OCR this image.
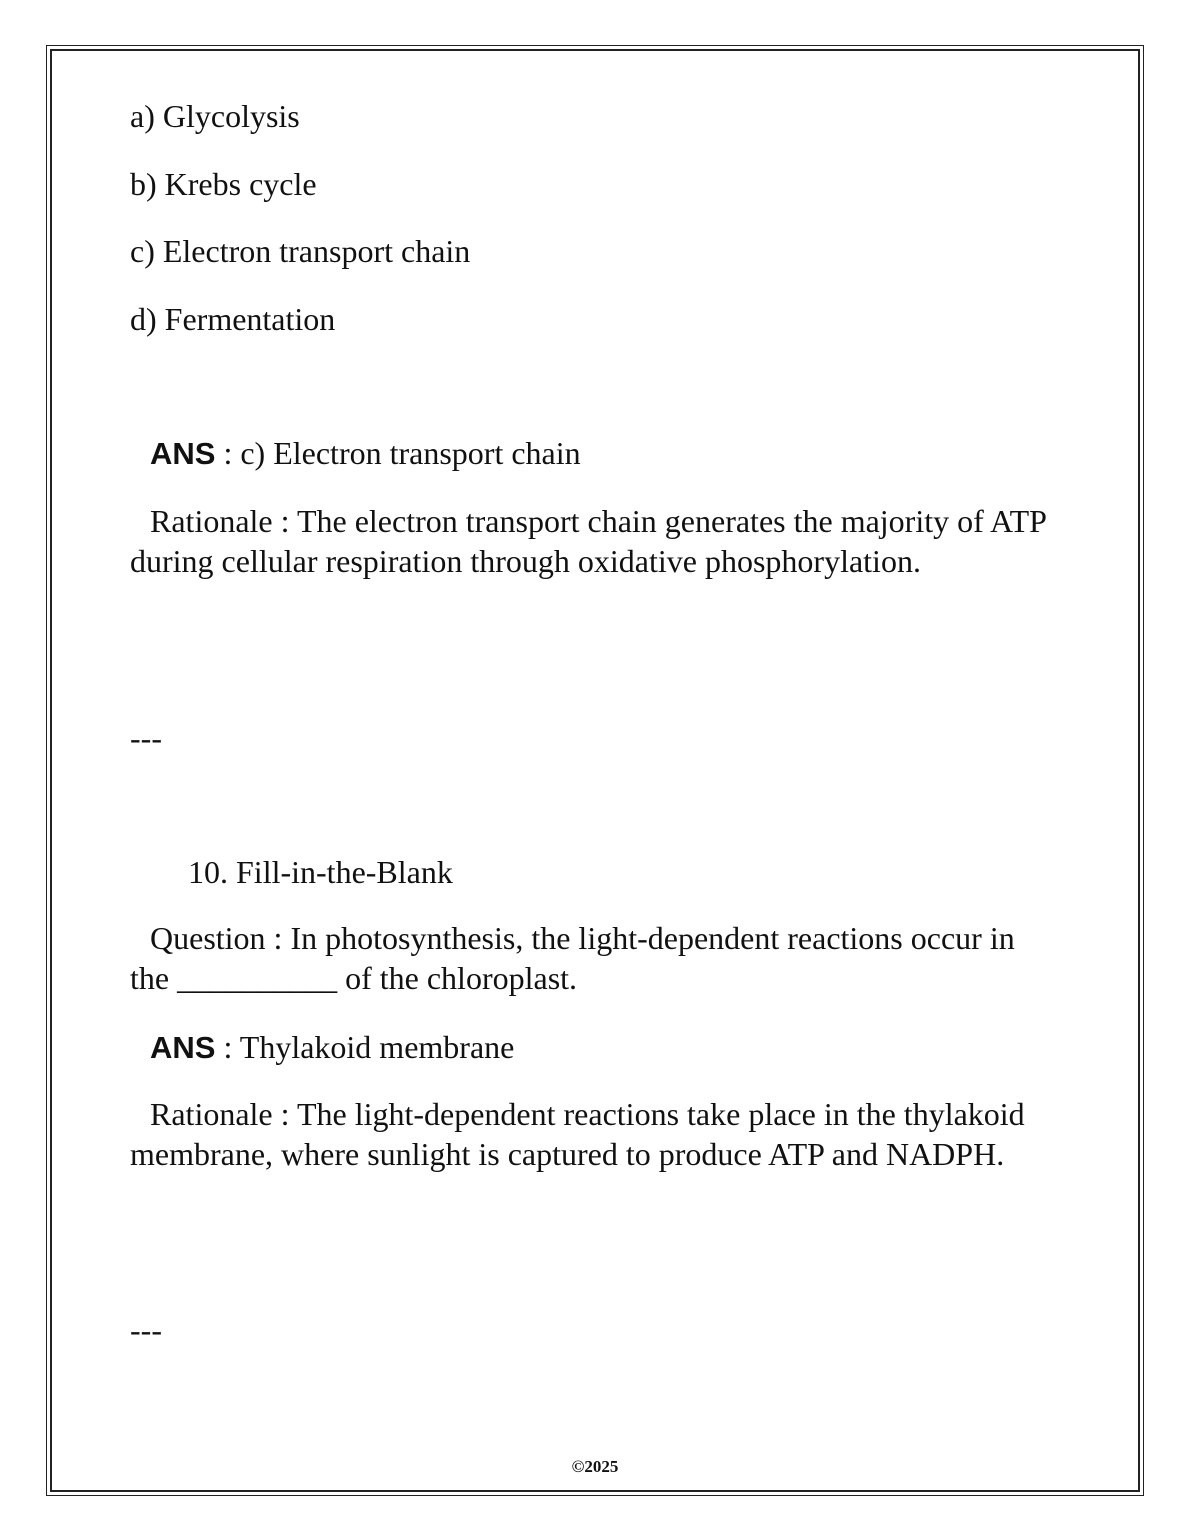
a) Glycolysis
b) Krebs cycle
c) Electron transport chain
d) Fermentation
ANS : c) Electron transport chain
Rationale : The electron transport chain generates the majority of ATP during cellular respiration through oxidative phosphorylation.
---
10. Fill-in-the-Blank
Question : In photosynthesis, the light-dependent reactions occur in the __________ of the chloroplast.
ANS : Thylakoid membrane
Rationale : The light-dependent reactions take place in the thylakoid membrane, where sunlight is captured to produce ATP and NADPH.
---
©2025
